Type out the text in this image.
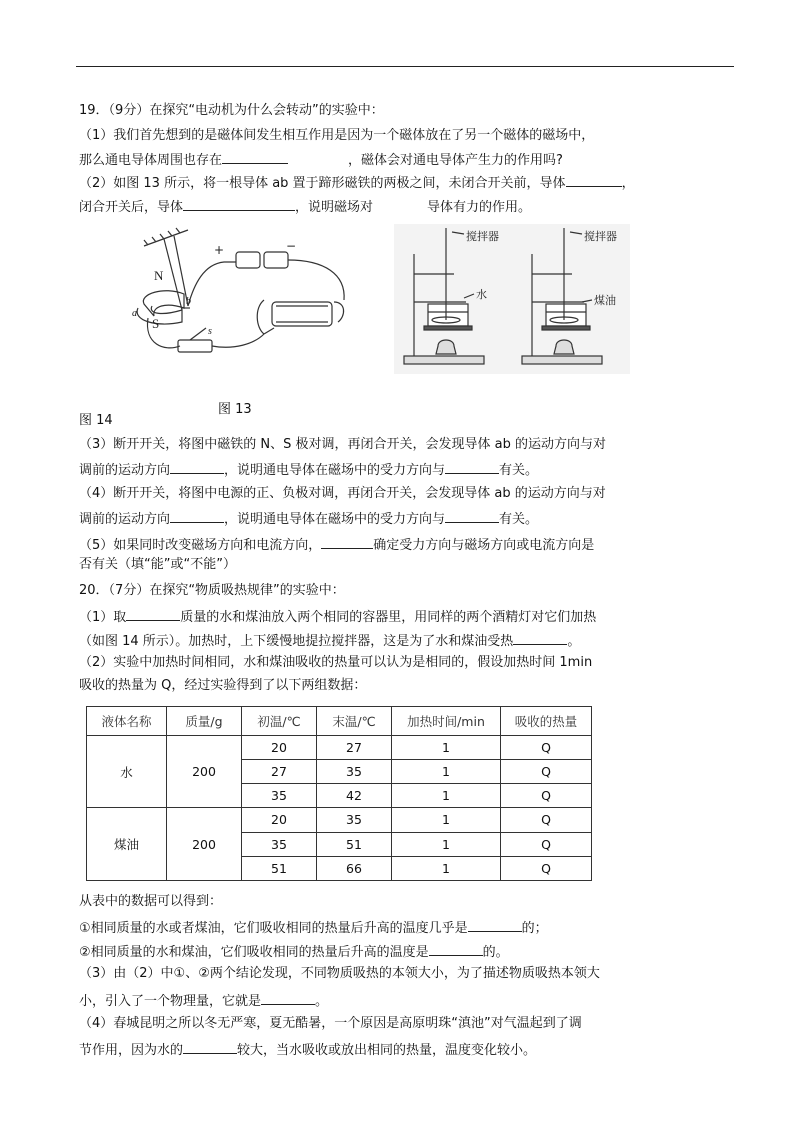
19．（9分）在探究“电动机为什么会转动”的实验中：
（1）我们首先想到的是磁体间发生相互作用是因为一个磁体放在了另一个磁体的磁场中，
那么通电导体周围也存在	，磁体会对通电导体产生力的作用吗?
（2）如图 13 所示，将一根导体 ab 置于蹄形磁铁的两极之间，未闭合开关前，导体	，
闭合开关后，导体	，说明磁场对	导体有力的作用。
N
S
a
b
s
+	−
搅拌器	搅拌器
水	煤油
图 13
图 14
（3）断开开关，将图中磁铁的 N、S 极对调，再闭合开关，会发现导体 ab 的运动方向与对
调前的运动方向	，说明通电导体在磁场中的受力方向与	有关。
（4）断开开关，将图中电源的正、负极对调，再闭合开关，会发现导体 ab 的运动方向与对
调前的运动方向	，说明通电导体在磁场中的受力方向与	有关。
（5）如果同时改变磁场方向和电流方向，	确定受力方向与磁场方向或电流方向是
否有关（填“能”或“不能”）
20．（7分）在探究“物质吸热规律”的实验中：
（1）取	质量的水和煤油放入两个相同的容器里，用同样的两个酒精灯对它们加热
（如图 14 所示）。加热时，上下缓慢地提拉搅拌器，这是为了水和煤油受热	。
（2）实验中加热时间相同，水和煤油吸收的热量可以认为是相同的，假设加热时间 1min
吸收的热量为 Q，经过实验得到了以下两组数据：
液体名称	质量/g	初温/℃	末温/℃	加热时间/min	吸收的热量
水	200	20	27	1	Q
		27	35	1	Q
		35	42	1	Q
煤油	200	20	35	1	Q
		35	51	1	Q
		51	66	1	Q
从表中的数据可以得到：
①相同质量的水或者煤油，它们吸收相同的热量后升高的温度几乎是	的；
②相同质量的水和煤油，它们吸收相同的热量后升高的温度是	的。
（3）由（2）中①、②两个结论发现，不同物质吸热的本领大小，为了描述物质吸热本领大
小，引入了一个物理量，它就是	。
（4）春城昆明之所以冬无严寒，夏无酷暑，一个原因是高原明珠“滇池”对气温起到了调
节作用，因为水的	较大，当水吸收或放出相同的热量，温度变化较小。
